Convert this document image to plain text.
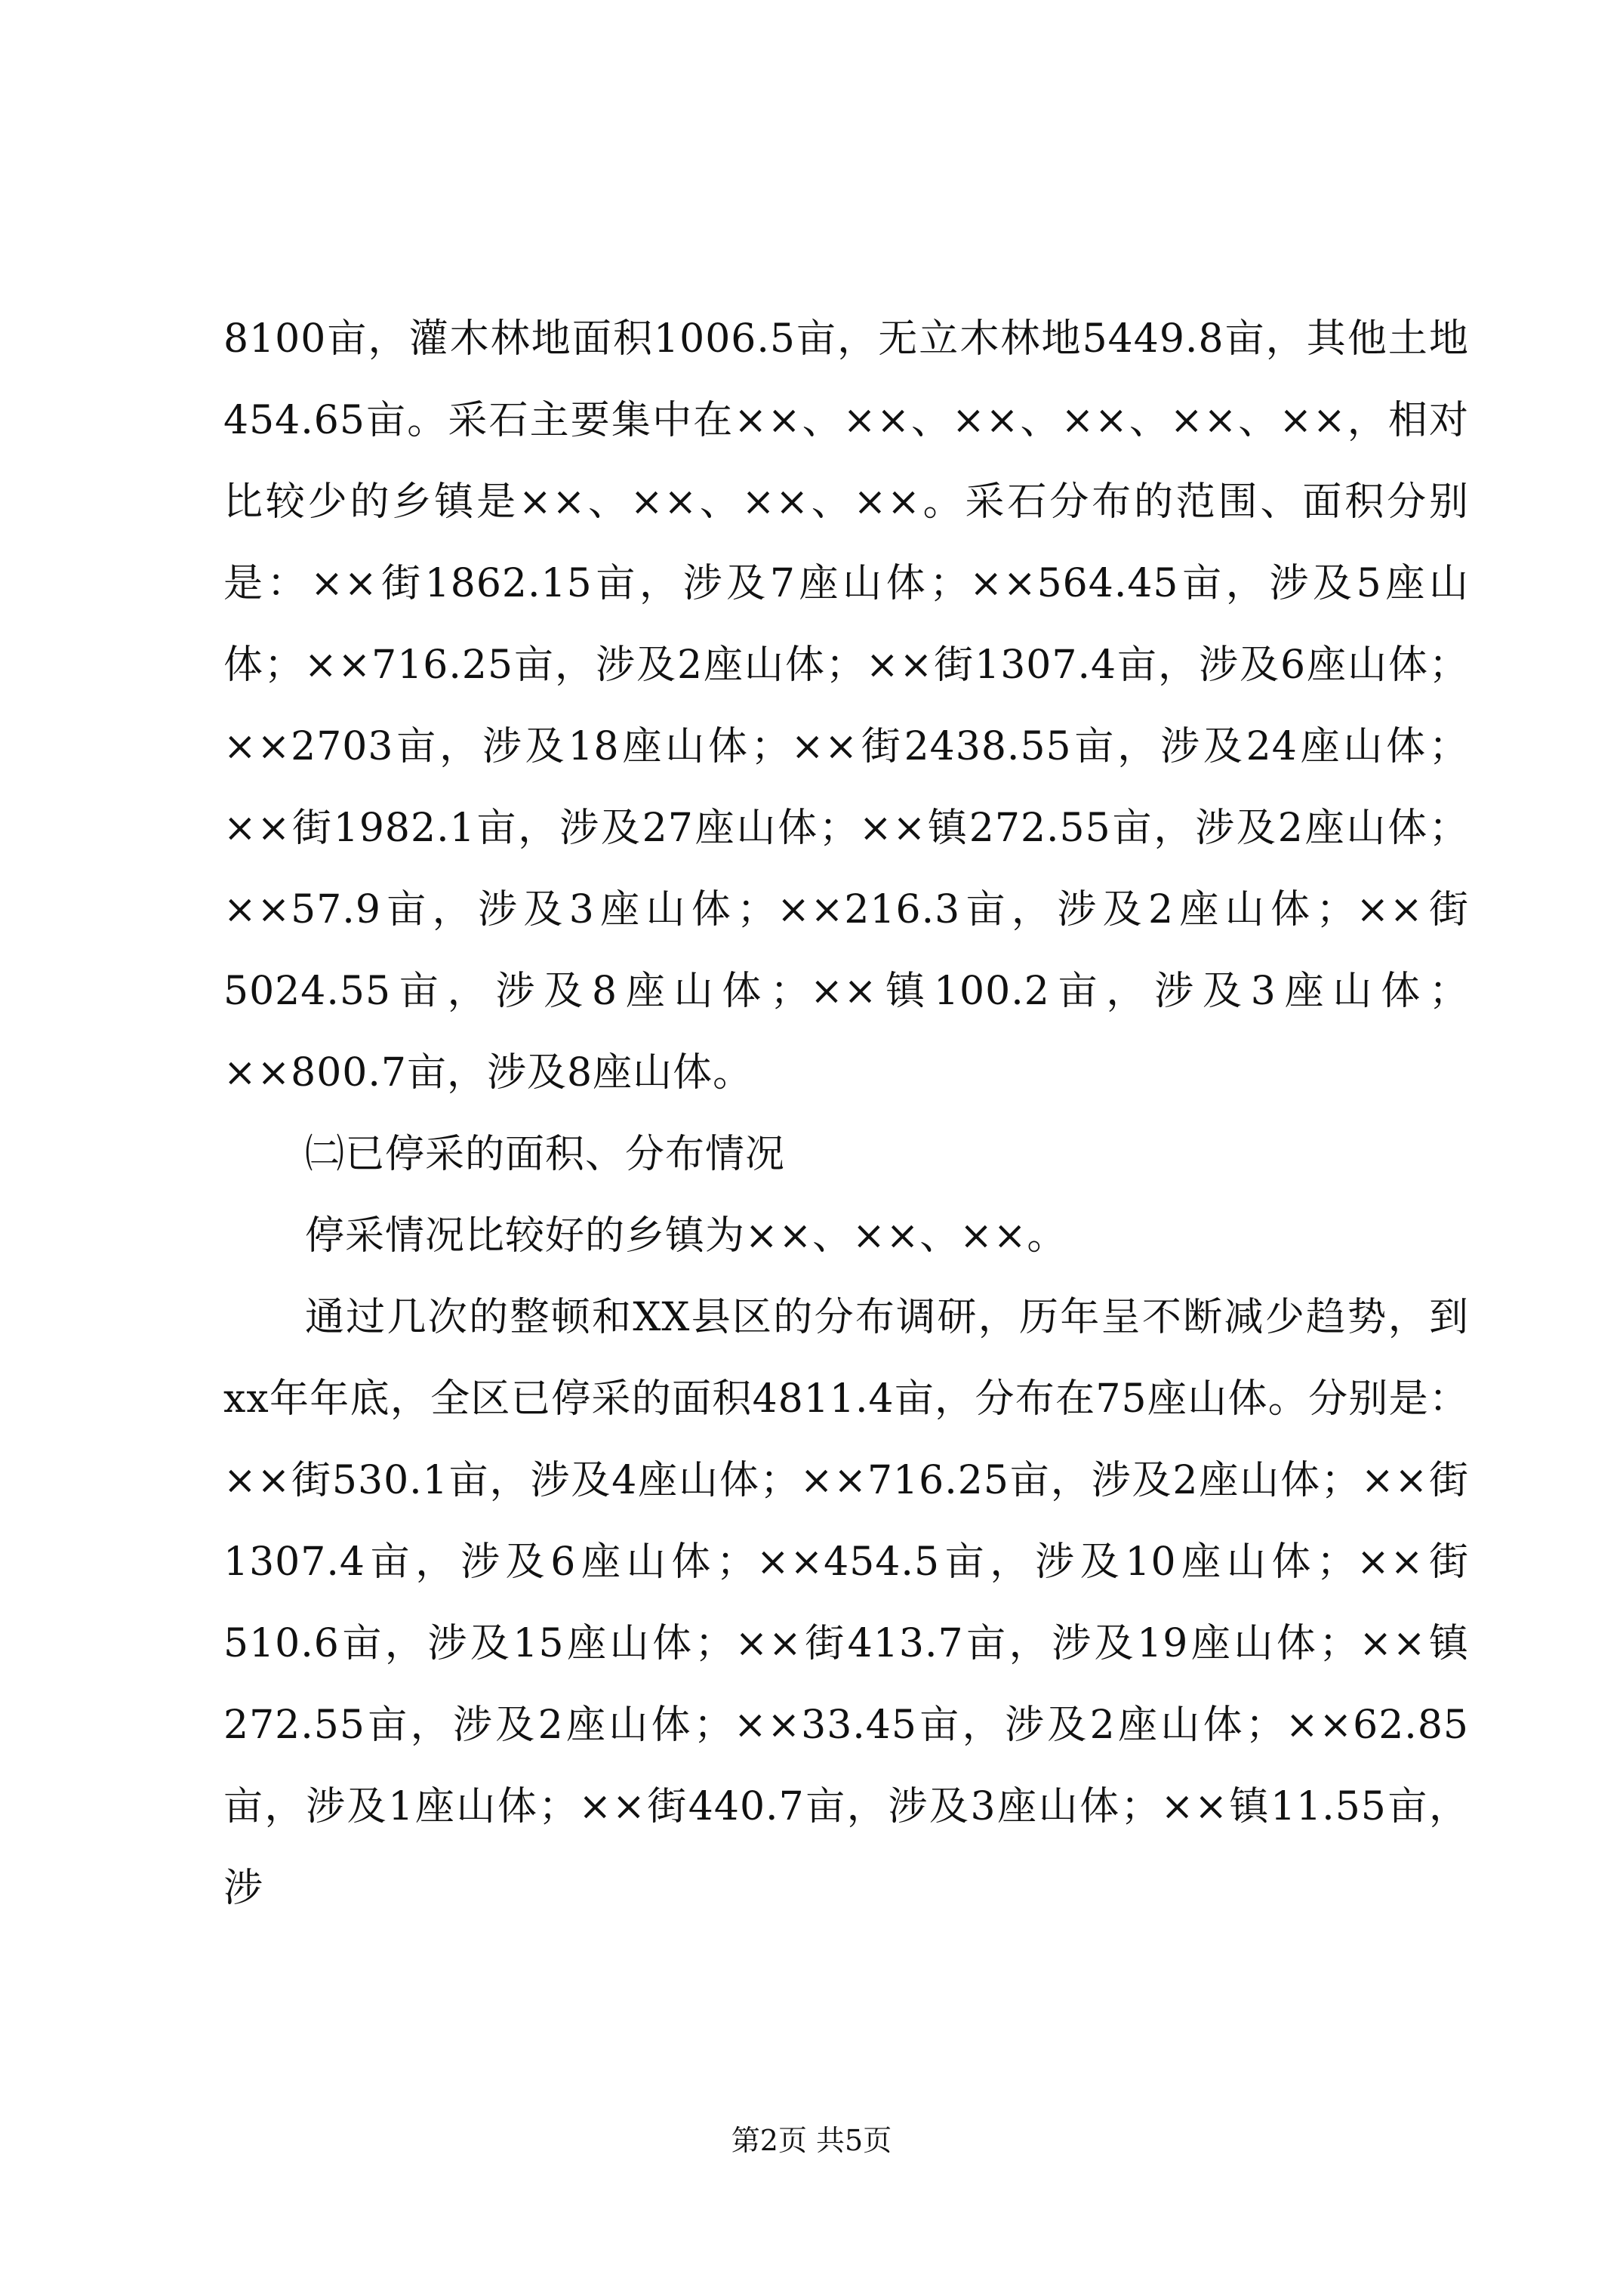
8100亩，灌木林地面积1006.5亩，无立木林地5449.8亩，其他土地454.65亩。采石主要集中在××、××、××、××、××、××，相对比较少的乡镇是××、××、××、××。采石分布的范围、面积分别是：××街1862.15亩，涉及7座山体；××564.45亩，涉及5座山体；××716.25亩，涉及2座山体；××街1307.4亩，涉及6座山体；××2703亩，涉及18座山体；××街2438.55亩，涉及24座山体；××街1982.1亩，涉及27座山体；××镇272.55亩，涉及2座山体；××57.9亩，涉及3座山体；××216.3亩，涉及2座山体；××街5024.55亩，涉及8座山体；××镇100.2亩，涉及3座山体；××800.7亩，涉及8座山体。

㈡已停采的面积、分布情况

停采情况比较好的乡镇为××、××、××。

通过几次的整顿和XX县区的分布调研，历年呈不断减少趋势，到xx年年底，全区已停采的面积4811.4亩，分布在75座山体。分别是：××街530.1亩，涉及4座山体；××716.25亩，涉及2座山体；××街1307.4亩，涉及6座山体；××454.5亩，涉及10座山体；××街510.6亩，涉及15座山体；××街413.7亩，涉及19座山体；××镇272.55亩，涉及2座山体；××33.45亩，涉及2座山体；××62.85亩，涉及1座山体；××街440.7亩，涉及3座山体；××镇11.55亩，涉

第2页 共5页
